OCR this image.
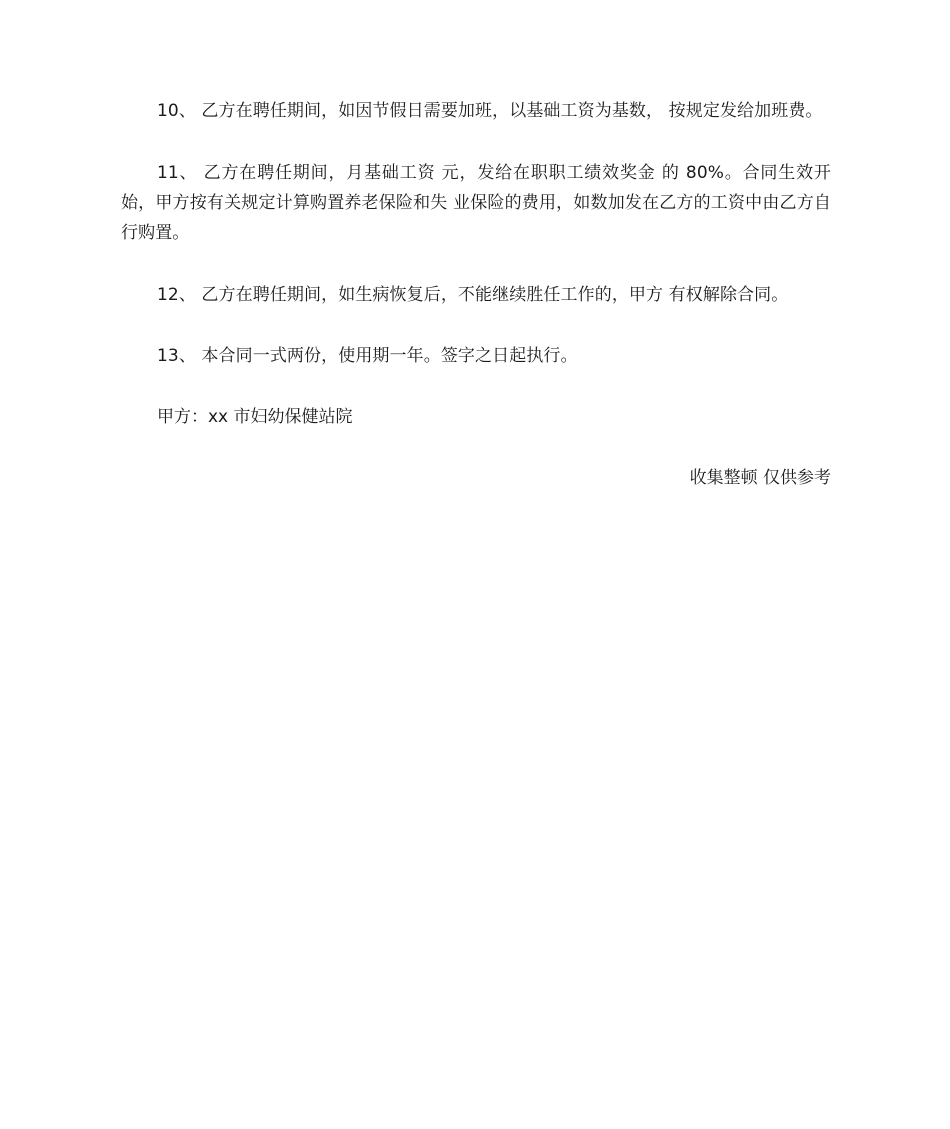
10、 乙方在聘任期间，如因节假日需要加班，以基础工资为基数， 按规定发给加班费。

11、 乙方在聘任期间，月基础工资 元，发给在职职工绩效奖金 的 80%。合同生效开始，甲方按有关规定计算购置养老保险和失 业保险的费用，如数加发在乙方的工资中由乙方自行购置。

12、 乙方在聘任期间，如生病恢复后，不能继续胜任工作的，甲方 有权解除合同。

13、 本合同一式两份，使用期一年。签字之日起执行。

甲方：xx 市妇幼保健站院

收集整顿 仅供参考
